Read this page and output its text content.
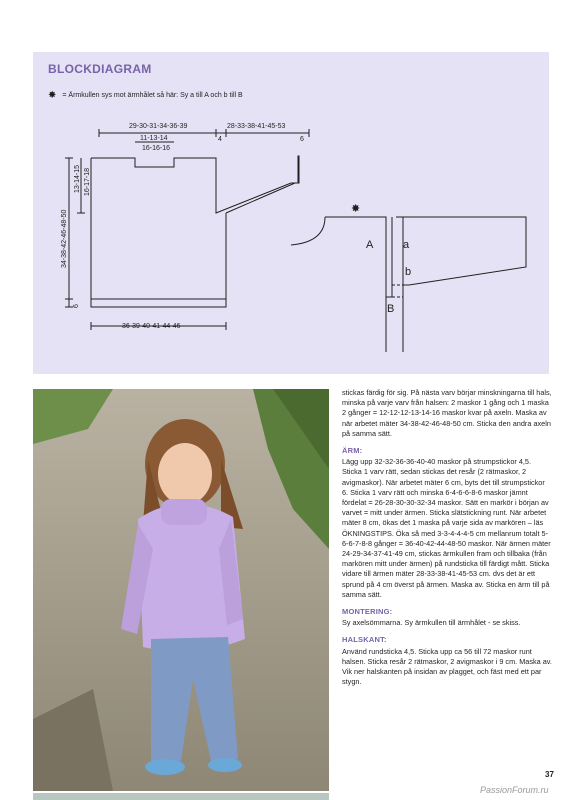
BLOCKDIAGRAM
✸ = Ärmkullen sys mot ärmhålet så här: Sy a till A och b till B
✸
29-30-31-34-36-39
11-13-14
16-16-16
4
28-33-38-41-45-53
6
13-14-15 16-17-18
34-38-42-46-48-50
6
36-39-40-41-44-46
A	a
b
B

stickas färdig för sig. På nästa varv börjar minskningarna till hals, minska på varje varv från halsen: 2 maskor 1 gång och 1 maska 2 gånger = 12-12-12-13-14-16 maskor kvar på axeln. Maska av när arbetet mäter 34-38-42-46-48-50 cm. Sticka den andra axeln på samma sätt.

ÄRM:

Lägg upp 32-32-36-36-40-40 maskor på strumpstickor 4,5. Sticka 1 varv rätt, sedan stickas det resår (2 rätmaskor, 2 avigmaskor). När arbetet mäter 6 cm, byts det till strumpstickor 6. Sticka 1 varv rätt och minska 6-4-6-6-8-6 maskor jämnt fördelat = 26-28-30-30-32-34 maskor. Sätt en markör i början av varvet = mitt under ärmen. Sticka slätstickning runt. När arbetet mäter 8 cm, ökas det 1 maska på varje sida av markören – läs ÖKNINGSTIPS. Öka så med 3-3-4-4-4-5 cm mellanrum totalt 5-6-6-7-8-8 gånger = 36-40-42-44-48-50 maskor. När ärmen mäter 24-29-34-37-41-49 cm, stickas ärmkullen fram och tillbaka (från markören mitt under ärmen) på rundsticka till färdigt mått. Sticka vidare till ärmen mäter 28-33-38-41-45-53 cm. dvs det är ett sprund på 4 cm överst på ärmen. Maska av. Sticka en ärm till på samma sätt.

MONTERING:

Sy axelsömmarna. Sy ärmkullen till ärmhålet - se skiss.

HALSKANT:

Använd rundsticka 4,5. Sticka upp ca 56 till 72 maskor runt halsen. Sticka resår 2 rätmaskor, 2 avigmaskor i 9 cm. Maska av. Vik ner halskanten på insidan av plagget, och fäst med ett par stygn.

37
PassionForum.ru
